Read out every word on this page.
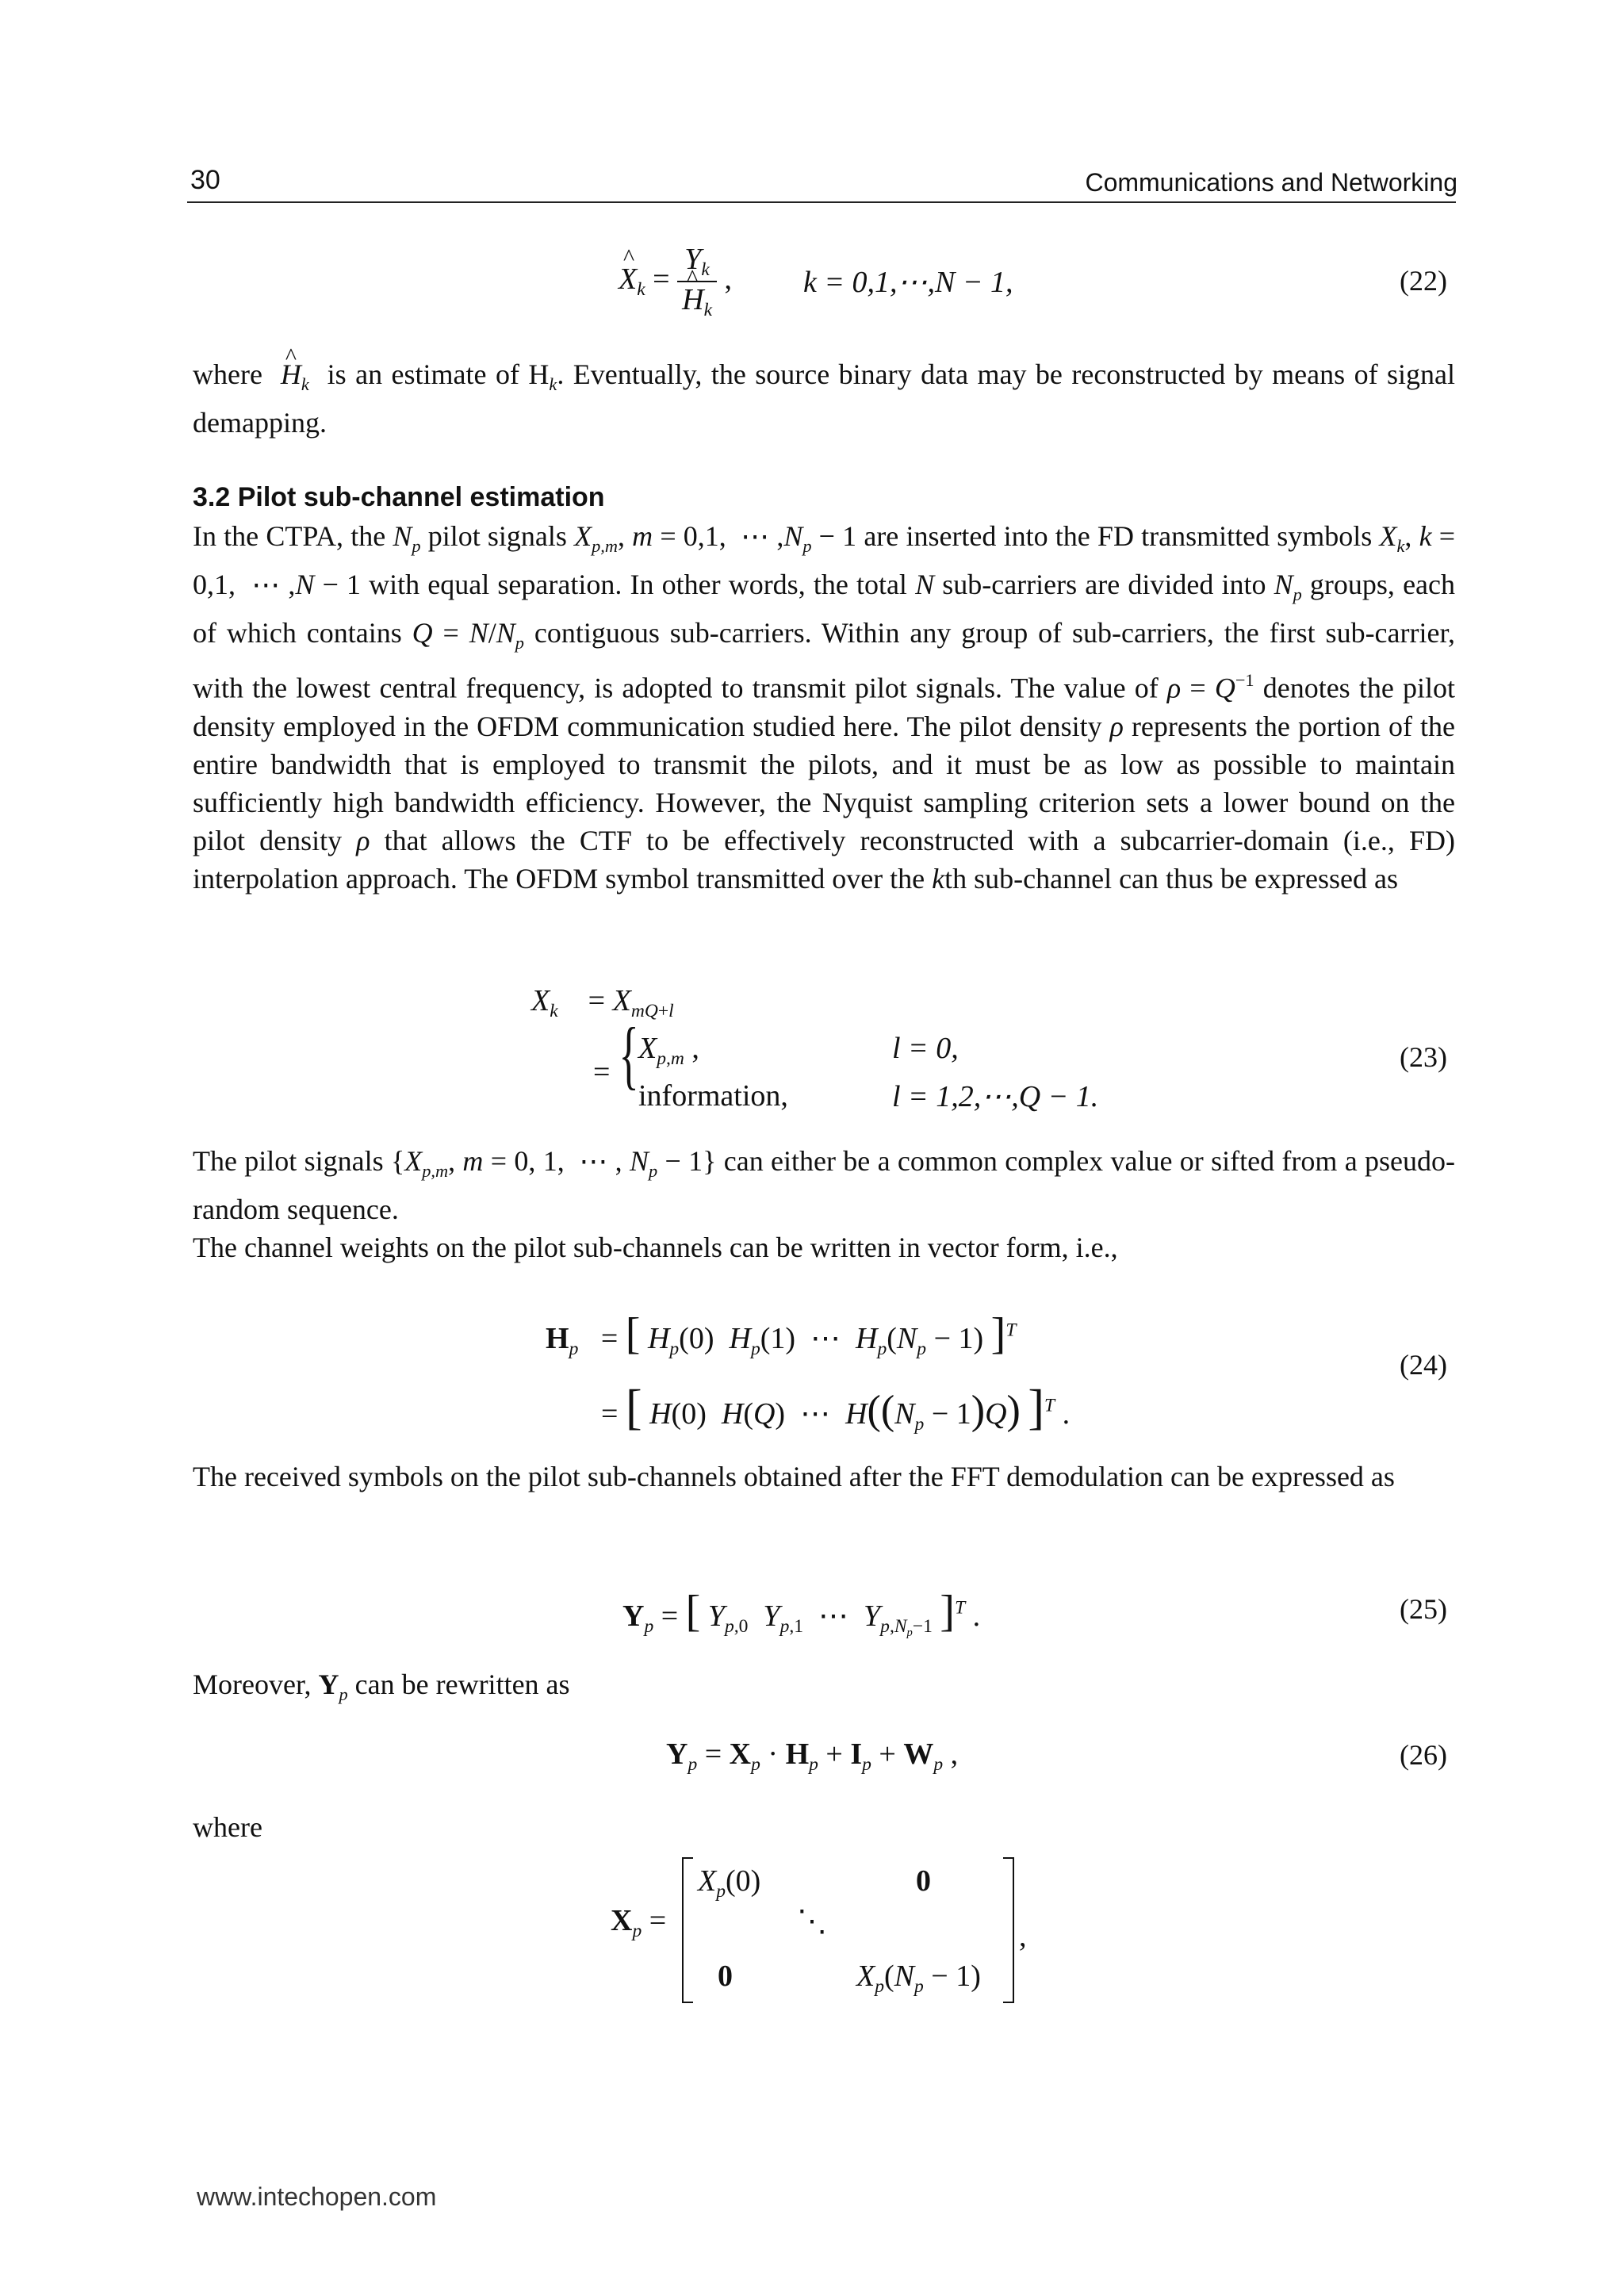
30	Communications and Networking
^ $X_k = Y_k$
^ $H_k$ , k = 0,1,⋯,N − 1,	(22)
where  ^ $H_k$ is an estimate of $H_k$. Eventually, the source binary data may be reconstructed by means of signal demapping.
3.2 Pilot sub-channel estimation
In the CTPA, the $N_p$ pilot signals $X_{p,m}$, m = 0,1,  ⋯ $,N_p - 1$ are inserted into the FD transmitted symbols $X_k$, k = 0,1,  ⋯ ,N − 1 with equal separation. In other words, the total N sub-carriers are divided into $N_p$ groups, each of which contains $Q = N/N_p$ contiguous sub-carriers. Within any group of sub-carriers, the first sub-carrier, with the lowest central frequency, is adopted to transmit pilot signals. The value of $\rho = Q^{-1}$ denotes the pilot density employed in the OFDM communication studied here. The pilot density ρ represents the portion of the entire bandwidth that is employed to transmit the pilots, and it must be as low as possible to maintain sufficiently high bandwidth efficiency. However, the Nyquist sampling criterion sets a lower bound on the pilot density ρ that allows the CTF to be effectively reconstructed with a subcarrier-domain (i.e., FD) interpolation approach. The OFDM symbol transmitted over the kth sub-channel can thus be expressed as
$X_k$    = $X_{mQ+l}$
= { $X_{p,m}$ ,	l = 0,
information,	l = 1,2,⋯,Q − 1.
(23)
The pilot signals {$X_{p,m}$, m = 0, 1,  ⋯ , $N_p - 1$} can either be a common complex value or sifted from a pseudo-random sequence.
The channel weights on the pilot sub-channels can be written in vector form, i.e.,
$H_p$   = [ $H_p(0)$  $H_p(1)$  ⋯  $H_p(N_p - 1)$ ]$^T$
= [ H(0)  H(Q)  ⋯  $H((N_p - 1)Q)$ ]$^T$ .
(24)
The received symbols on the pilot sub-channels obtained after the FFT demodulation can be expressed as
$Y_p$ = [ $Y_{p,0}$ $Y_{p,1}$  ⋯  $Y_{p,N_p-1}$ ]$^T$ .	(25)
Moreover, $Y_p$ can be rewritten as
$Y_p = X_p \cdot H_p + I_p + W_p$ ,	(26)
where
$X_p$ =
$X_p(0)$	0
⋱
0	$X_p(N_p - 1)$
,
www.intechopen.com
